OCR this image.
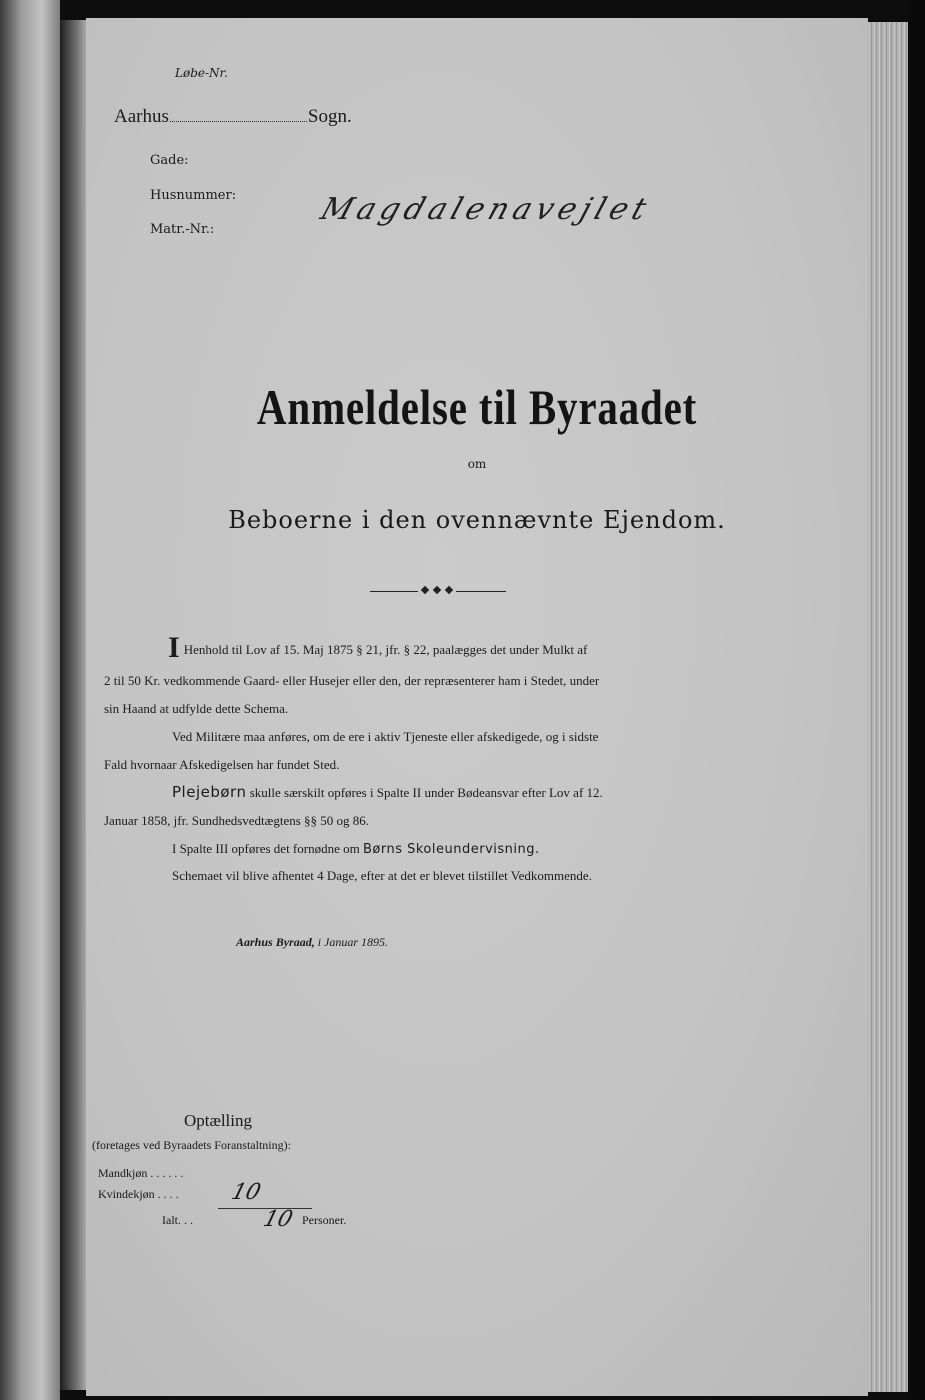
Løbe-Nr.

Aarhus	Sogn.

Gade:

Husnummer:

Matr.-Nr.:

Magdalenavejlet

Anmeldelse til Byraadet

om

Beboerne i den ovennævnte Ejendom.
I Henhold til Lov af 15. Maj 1875 § 21, jfr. § 22, paalægges det under Mulkt af
2 til 50 Kr. vedkommende Gaard- eller Husejer eller den, der repræsenterer ham i Stedet, under
sin Haand at udfylde dette Schema.
Ved Militære maa anføres, om de ere i aktiv Tjeneste eller afskedigede, og i sidste
Fald hvornaar Afskedigelsen har fundet Sted.
Plejebørn skulle særskilt opføres i Spalte II under Bødeansvar efter Lov af 12.
Januar 1858, jfr. Sundhedsvedtægtens §§ 50 og 86.
I Spalte III opføres det fornødne om Børns Skoleundervisning.
Schemaet vil blive afhentet 4 Dage, efter at det er blevet tilstillet Vedkommende.
Aarhus Byraad, i Januar 1895.

Optælling

(foretages ved Byraadets Foranstaltning):

Mandkjøn . . . . . .

Kvindekjøn . . . . 10

Ialt. . .	10 Personer.
